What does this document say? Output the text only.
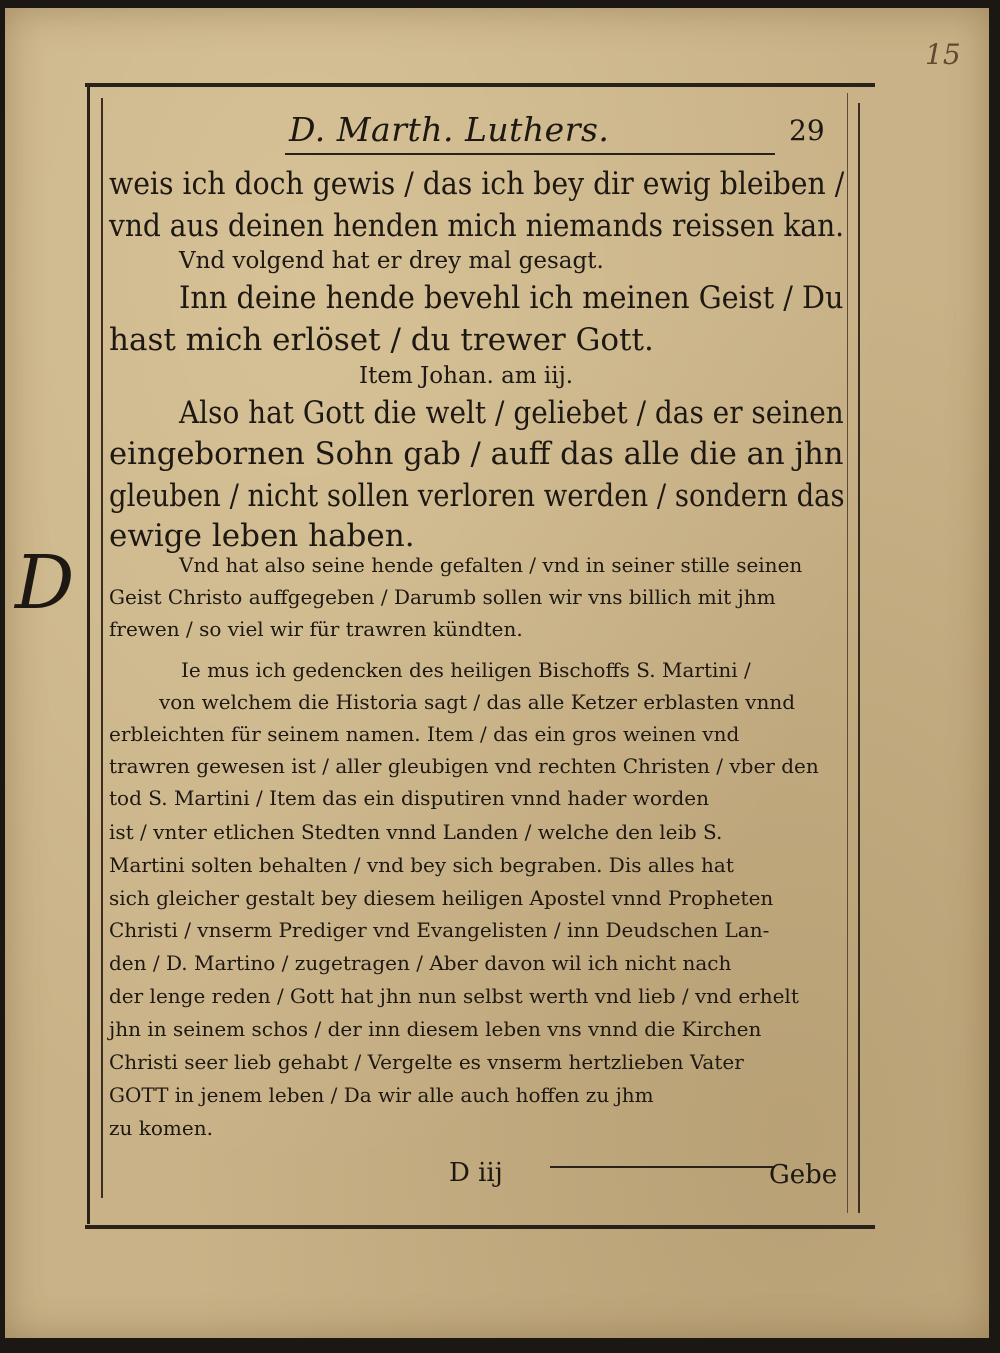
15
D. Marth. Luthers.	29
weis ich doch gewis / das ich bey dir ewig bleiben /
vnd aus deinen henden mich niemands reissen kan.
Vnd volgend hat er drey mal gesagt.
Inn deine hende bevehl ich meinen Geist / Du
hast mich erlöset / du trewer Gott.
Item Johan. am iij.
Also hat Gott die welt / geliebet / das er seinen
eingebornen Sohn gab / auff das alle die an jhn
gleuben / nicht sollen verloren werden / sondern das
ewige leben haben.
Vnd hat also seine hende gefalten / vnd in seiner stille seinen
Geist Christo auffgegeben / Darumb sollen wir vns billich mit jhm
frewen / so viel wir für trawren kündten.
D
Ie mus ich gedencken des heiligen Bischoffs S. Martini /
von welchem die Historia sagt / das alle Ketzer erblasten vnnd
erbleichten für seinem namen. Item / das ein gros weinen vnd
trawren gewesen ist / aller gleubigen vnd rechten Christen / vber den
tod S. Martini / Item das ein disputiren vnnd hader worden
ist / vnter etlichen Stedten vnnd Landen / welche den leib S.
Martini solten behalten / vnd bey sich begraben. Dis alles hat
sich gleicher gestalt bey diesem heiligen Apostel vnnd Propheten
Christi / vnserm Prediger vnd Evangelisten / inn Deudschen Lan-
den / D. Martino / zugetragen / Aber davon wil ich nicht nach
der lenge reden / Gott hat jhn nun selbst werth vnd lieb / vnd erhelt
jhn in seinem schos / der inn diesem leben vns vnnd die Kirchen
Christi seer lieb gehabt / Vergelte es vnserm hertzlieben Vater
GOTT in jenem leben / Da wir alle auch hoffen zu jhm
zu komen.
D iij	Gebe
